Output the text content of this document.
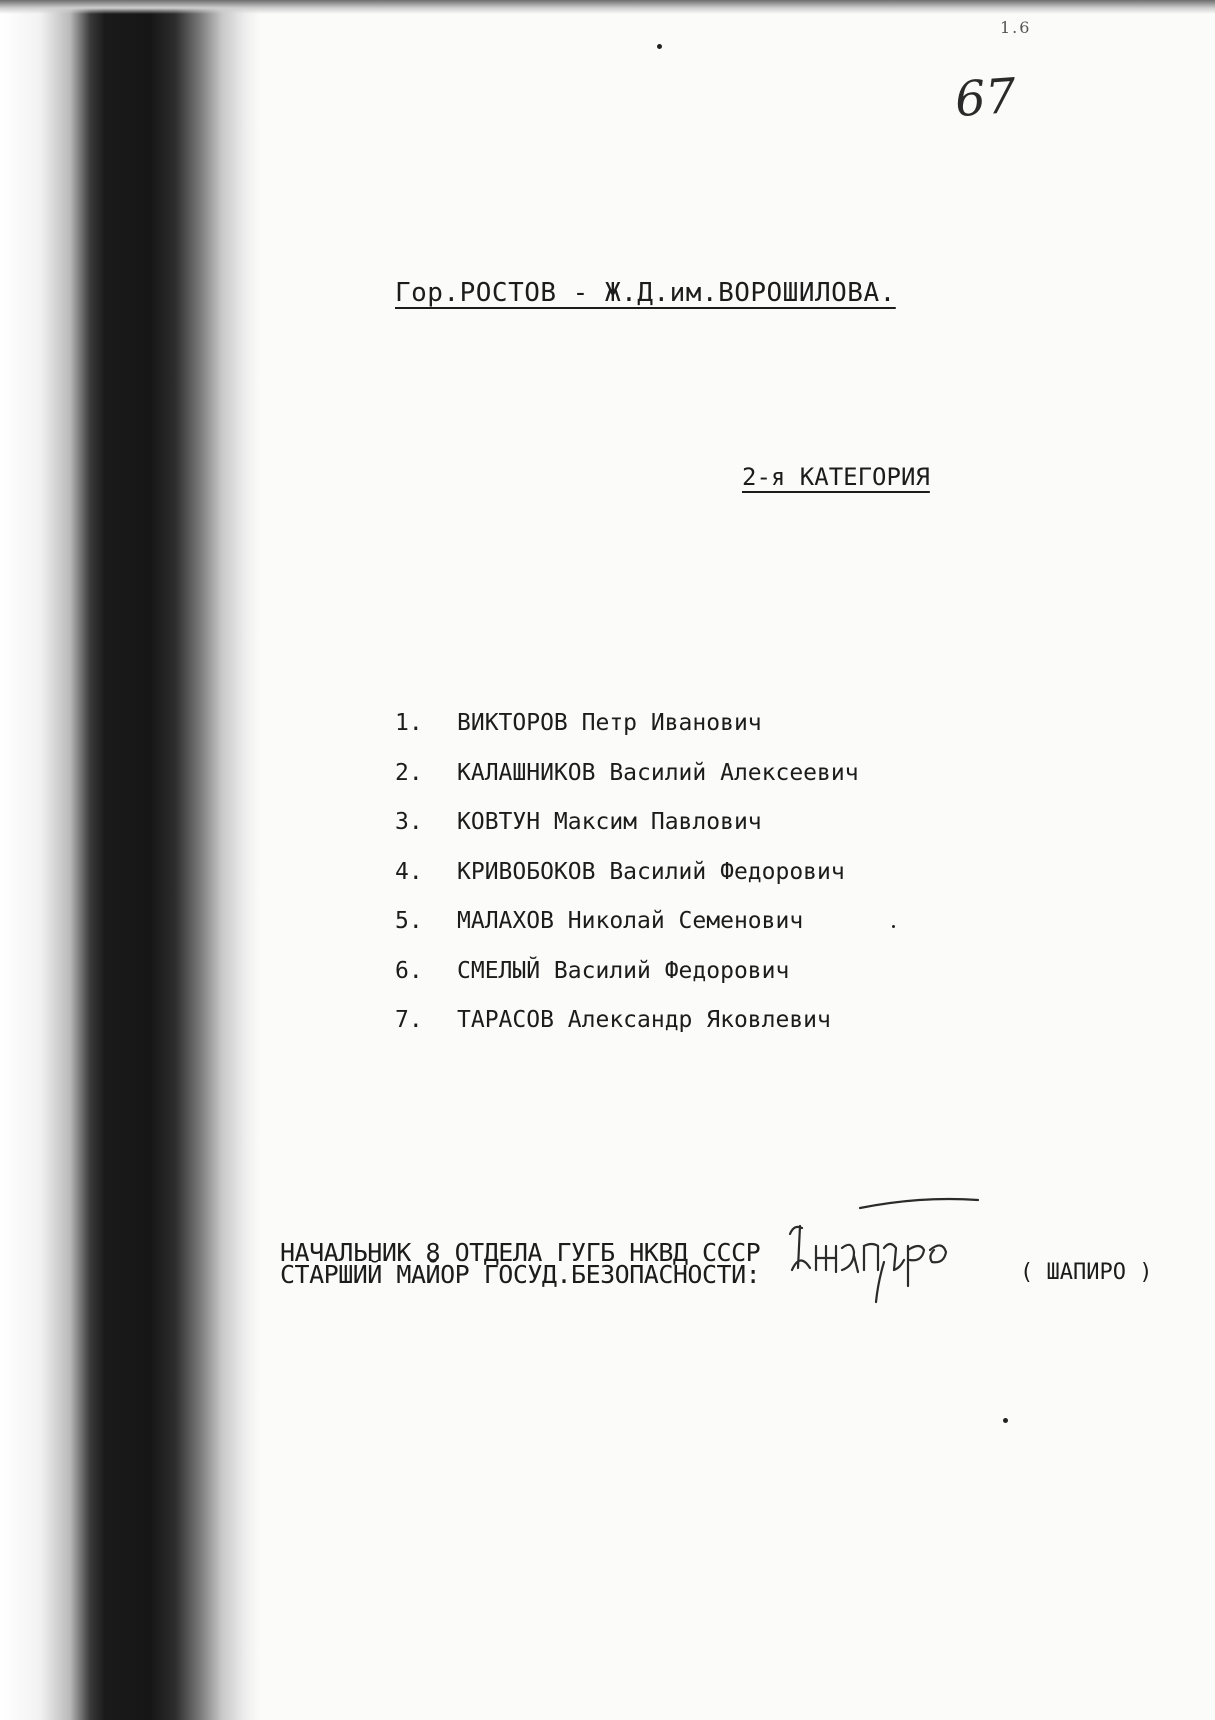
1.6
67
Гор.РОСТОВ - Ж.Д.им.ВОРОШИЛОВА.
2-я КАТЕГОРИЯ
1. ВИКТОРОВ Петр Иванович
2. КАЛАШНИКОВ Василий Алексеевич
3. КОВТУН Максим Павлович
4. КРИВОБОКОВ Василий Федорович
5. МАЛАХОВ Николай Семенович
6. СМЕЛЫЙ Василий Федорович
7. ТАРАСОВ Александр Яковлевич
НАЧАЛЬНИК 8 ОТДЕЛА ГУГБ НКВД СССР
СТАРШИЙ МАЙОР ГОСУД.БЕЗОПАСНОСТИ:	( ШАПИРО )
